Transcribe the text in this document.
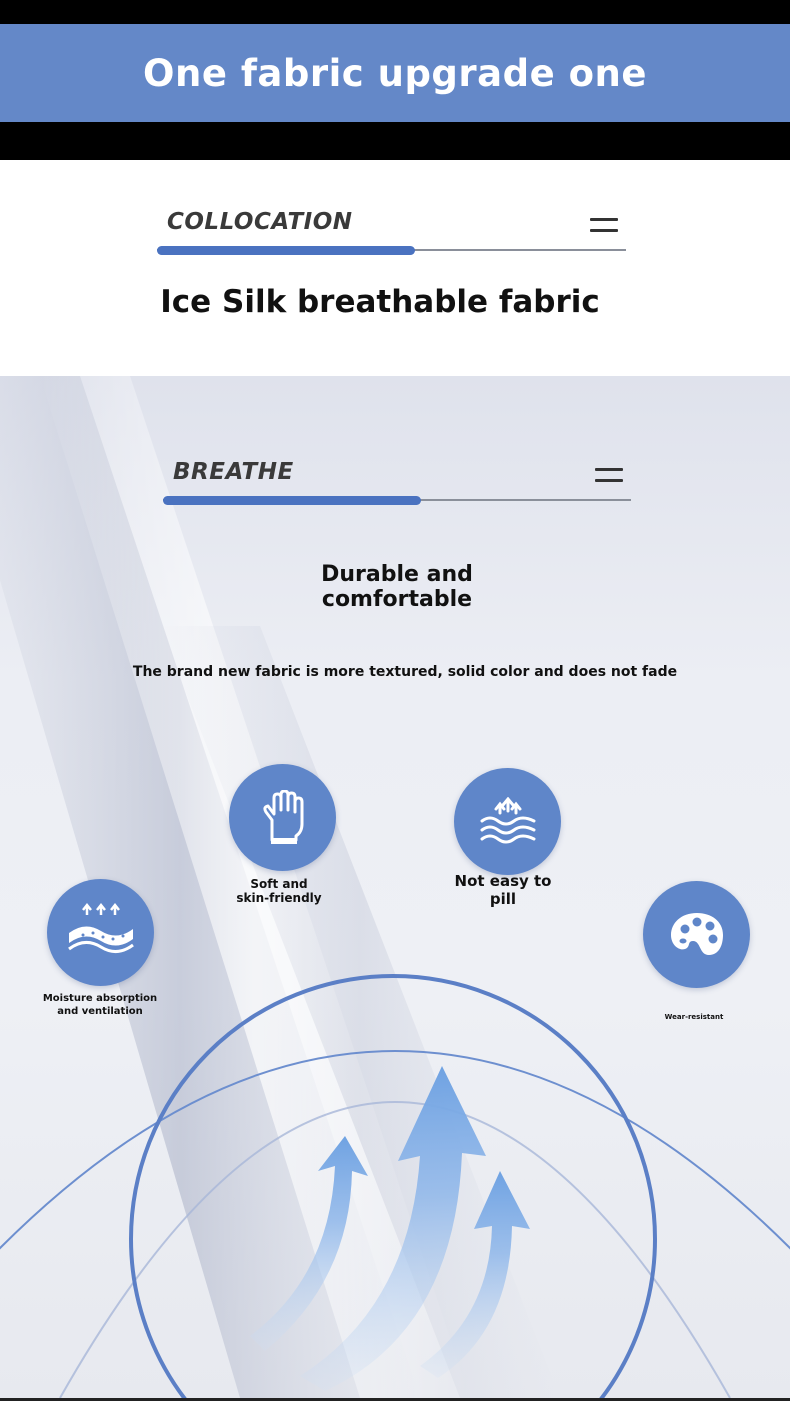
One fabric upgrade one
COLLOCATION
Ice Silk breathable fabric
BREATHE
Durable and
comfortable
The brand new fabric is more textured, solid color and does not fade
Moisture absorption
and ventilation
Soft and
skin-friendly
Not easy to
pill
Wear-resistant
